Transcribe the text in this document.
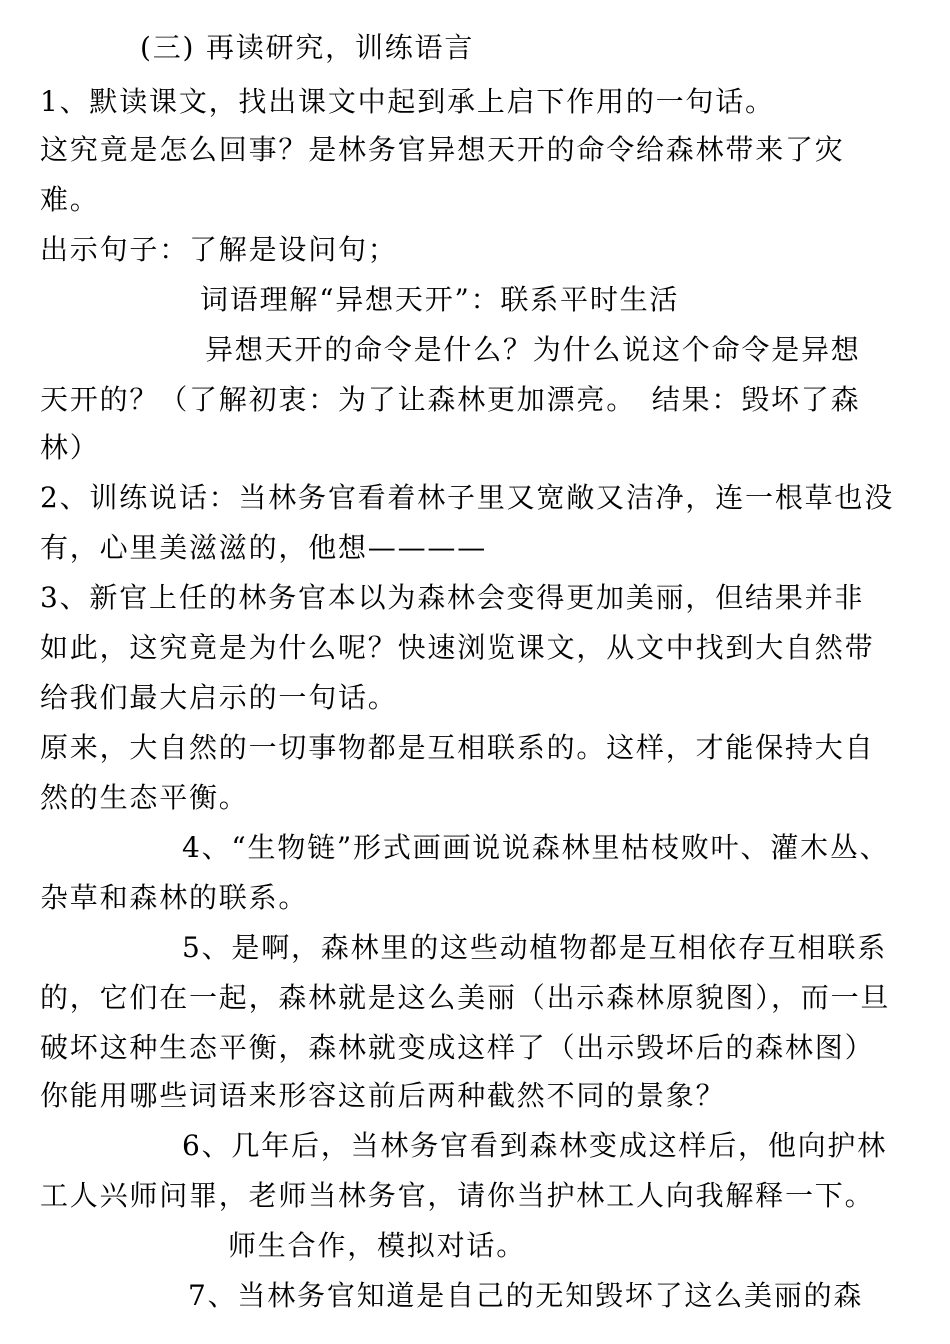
(三) 再读研究，训练语言
1、默读课文，找出课文中起到承上启下作用的一句话。
这究竟是怎么回事？是林务官异想天开的命令给森林带来了灾
难。
出示句子：了解是设问句；
词语理解“异想天开”：联系平时生活
异想天开的命令是什么？为什么说这个命令是异想
天开的？（了解初衷：为了让森林更加漂亮。　结果：毁坏了森
林）
2、训练说话：当林务官看着林子里又宽敞又洁净，连一根草也没
有，心里美滋滋的，他想————
3、新官上任的林务官本以为森林会变得更加美丽，但结果并非
如此，这究竟是为什么呢？快速浏览课文，从文中找到大自然带
给我们最大启示的一句话。
原来，大自然的一切事物都是互相联系的。这样，才能保持大自
然的生态平衡。
4、“生物链”形式画画说说森林里枯枝败叶、灌木丛、
杂草和森林的联系。
5、是啊，森林里的这些动植物都是互相依存互相联系
的，它们在一起，森林就是这么美丽（出示森林原貌图），而一旦
破坏这种生态平衡，森林就变成这样了（出示毁坏后的森林图）
你能用哪些词语来形容这前后两种截然不同的景象？
6、几年后，当林务官看到森林变成这样后，他向护林
工人兴师问罪，老师当林务官，请你当护林工人向我解释一下。
师生合作，模拟对话。
7、当林务官知道是自己的无知毁坏了这么美丽的森
